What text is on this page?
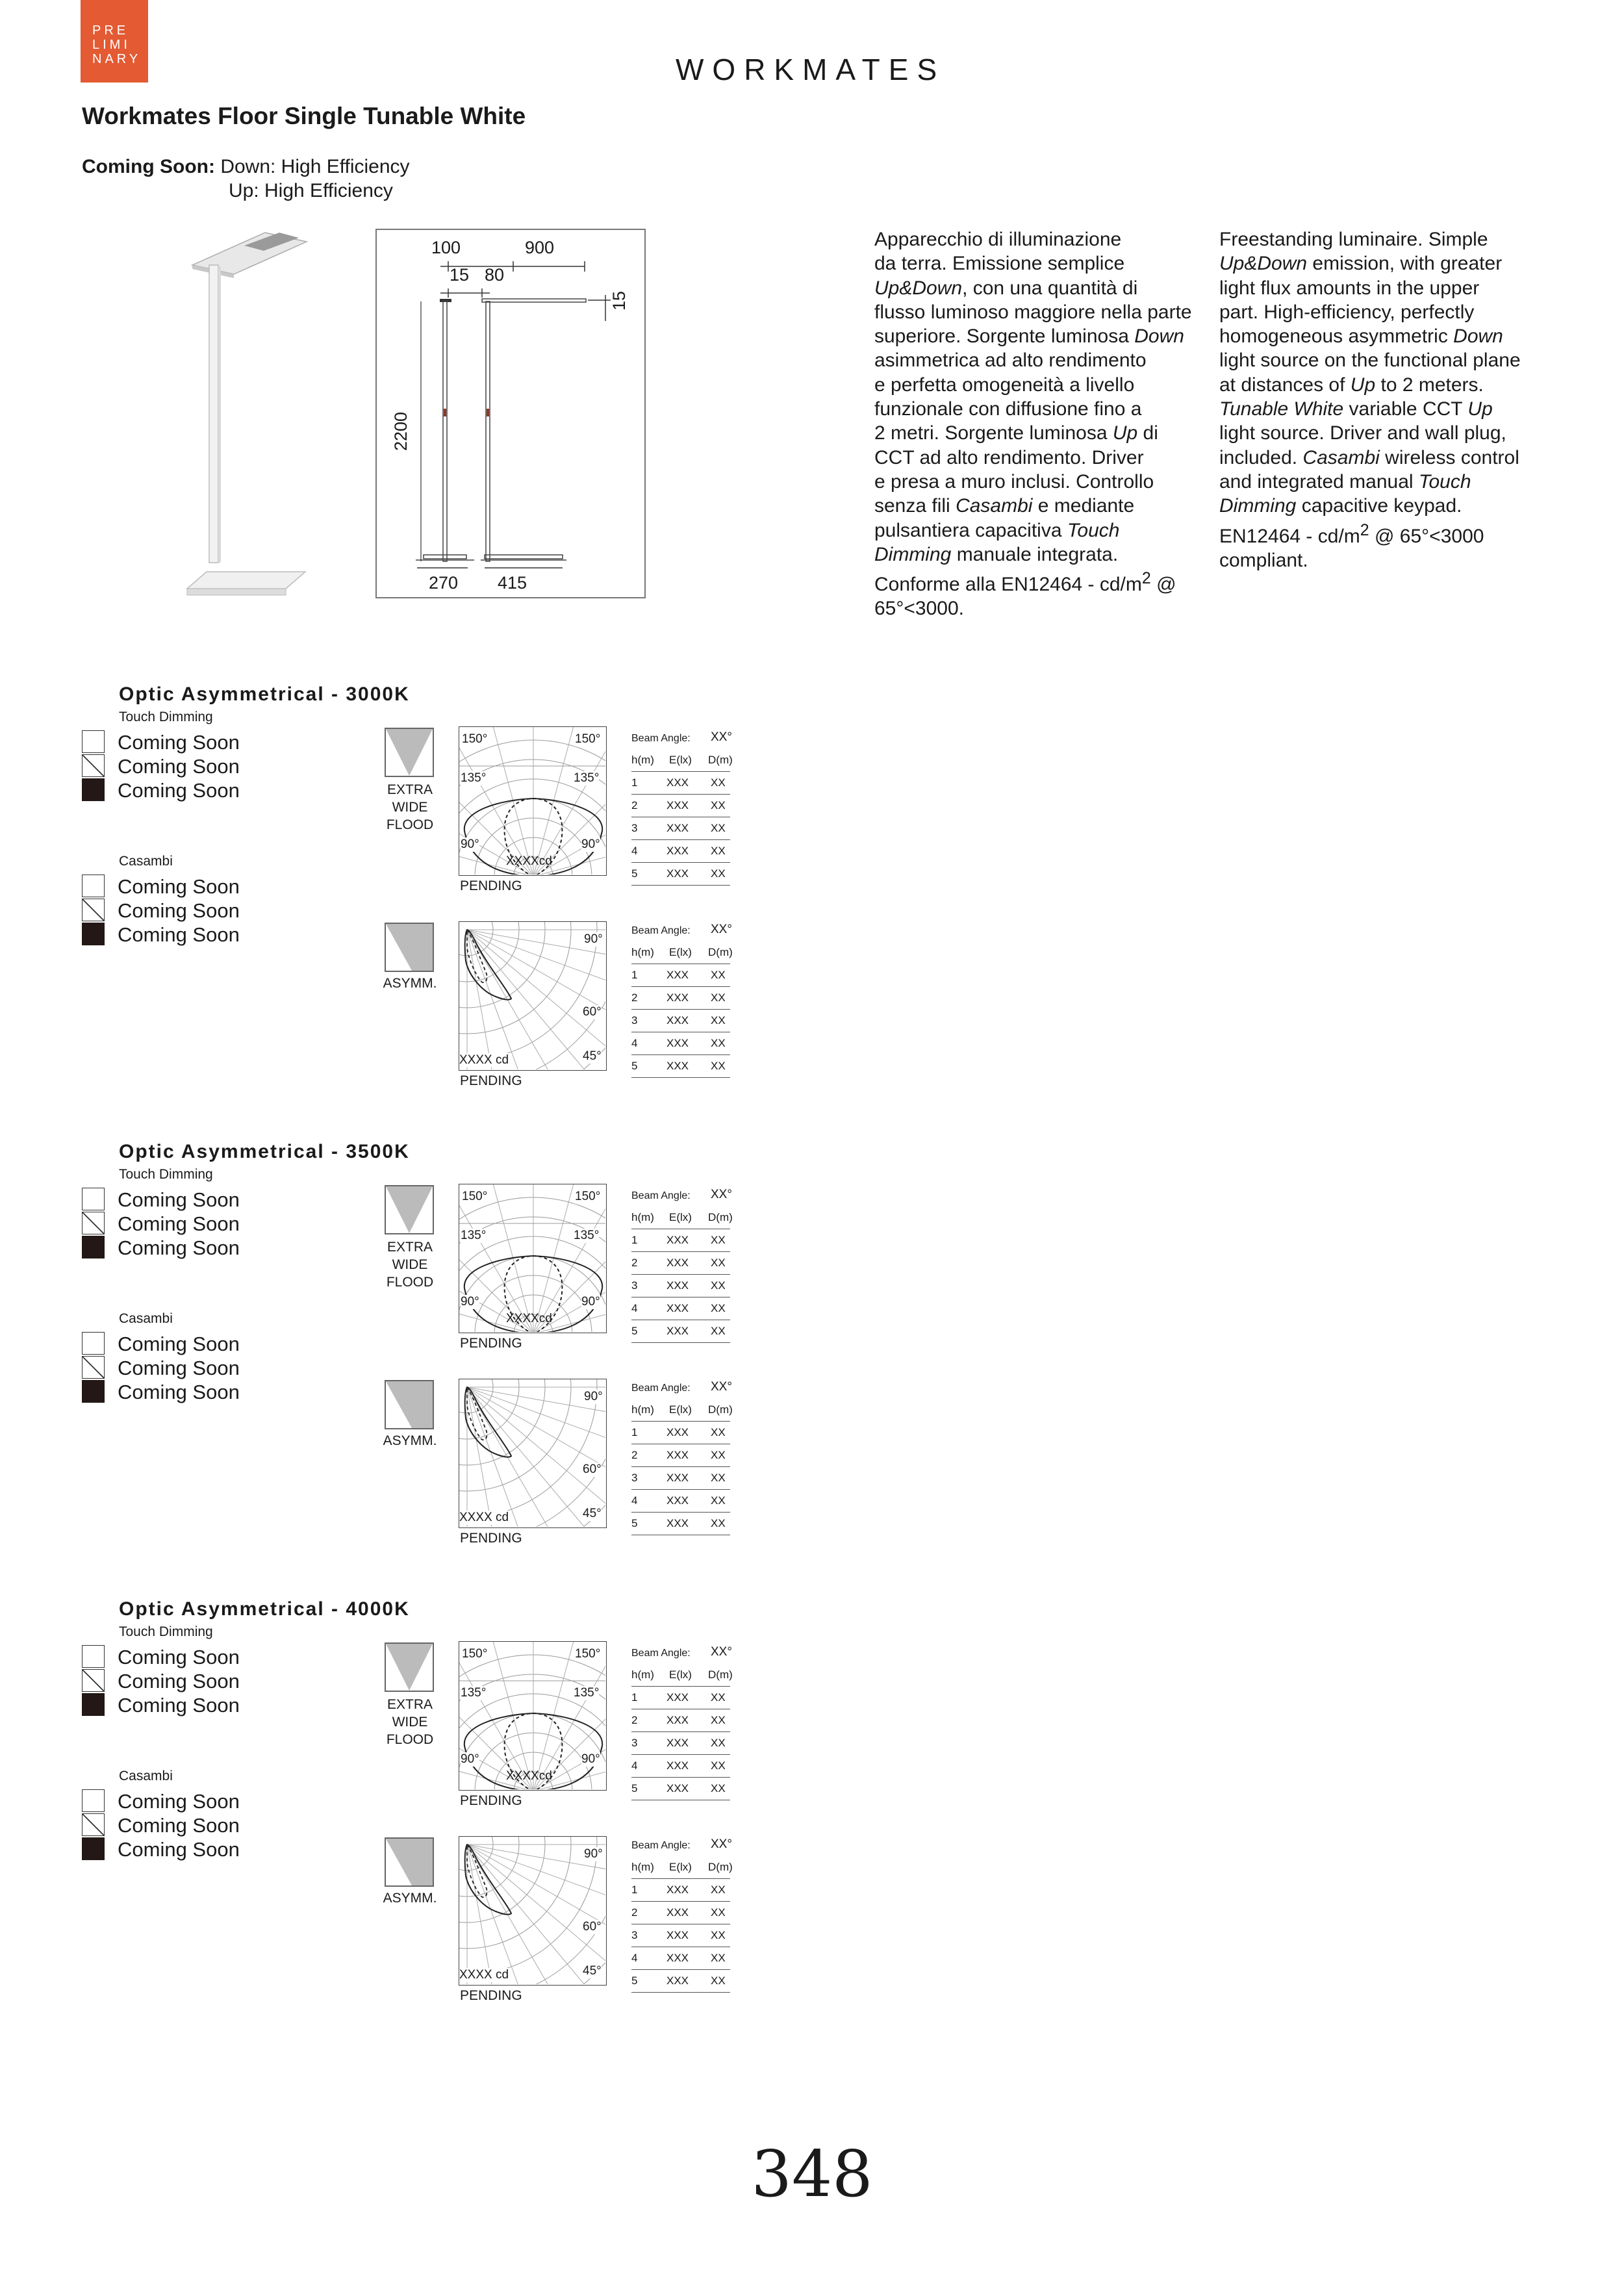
PRE
LIMI
NARY	WORKMATES
Workmates Floor Single Tunable White
Coming Soon: Down: High Efficiency
Up: High Efficiency
100	900
15 80
15
2200
270 415

Apparecchio di illuminazione

da terra. Emissione semplice

Up&Down, con una quantità di

flusso luminoso maggiore nella parte

superiore. Sorgente luminosa Down

asimmetrica ad alto rendimento

e perfetta omogeneità a livello

funzionale con diffusione fino a

2 metri. Sorgente luminosa Up di

CCT ad alto rendimento. Driver

e presa a muro inclusi. Controllo

senza fili Casambi e mediante

pulsantiera capacitiva Touch

Dimming manuale integrata.

Conforme alla $EN12464 - cd/m^2$ @

65°<3000.

Freestanding luminaire. Simple

Up&Down emission, with greater

light flux amounts in the upper

part. High-efficiency, perfectly

homogeneous asymmetric Down

light source on the functional plane

at distances of Up to 2 meters.

Tunable White variable CCT Up

light source. Driver and wall plug,

included. Casambi wireless control

and integrated manual Touch

Dimming capacitive keypad.

$EN12464 - cd/m^2$ @ 65°<3000

compliant.

Optic Asymmetrical - 3000K
Touch Dimming
Casambi
Coming Soon
Coming Soon
Coming Soon
Coming Soon
Coming Soon
Coming Soon
EXTRA
WIDE
FLOOD
150°	150°
135°	135°
90°	90°
XXXXcd
PENDING
Beam Angle: XX°
h(m) E(lx) D(m)
1	XXX XX
2	XXX XX
3	XXX XX
4	XXX XX
5	XXX XX
ASYMM.
90°
60°
45°
XXXX cd
PENDING
Beam Angle: XX°
h(m) E(lx) D(m)
1	XXX XX
2	XXX XX
3	XXX XX
4	XXX XX
5	XXX XX
Optic Asymmetrical - 3500K
Touch Dimming
Casambi
Coming Soon
Coming Soon
Coming Soon
Coming Soon
Coming Soon
Coming Soon
EXTRA
WIDE
FLOOD
150°	150°
135°	135°
90°	90°
XXXXcd
PENDING
Beam Angle: XX°
h(m) E(lx) D(m)
1	XXX XX
2	XXX XX
3	XXX XX
4	XXX XX
5	XXX XX
ASYMM.
90°
60°
45°
XXXX cd
PENDING
Beam Angle: XX°
h(m) E(lx) D(m)
1	XXX XX
2	XXX XX
3	XXX XX
4	XXX XX
5	XXX XX
Optic Asymmetrical - 4000K
Touch Dimming
Casambi
Coming Soon
Coming Soon
Coming Soon
Coming Soon
Coming Soon
Coming Soon
EXTRA
WIDE
FLOOD
150°	150°
135°	135°
90°	90°
XXXXcd
PENDING
Beam Angle: XX°
h(m) E(lx) D(m)
1	XXX XX
2	XXX XX
3	XXX XX
4	XXX XX
5	XXX XX
ASYMM.
90°
60°
45°
XXXX cd
PENDING
Beam Angle: XX°
h(m) E(lx) D(m)
1	XXX XX
2	XXX XX
3	XXX XX
4	XXX XX
5	XXX XX
348
